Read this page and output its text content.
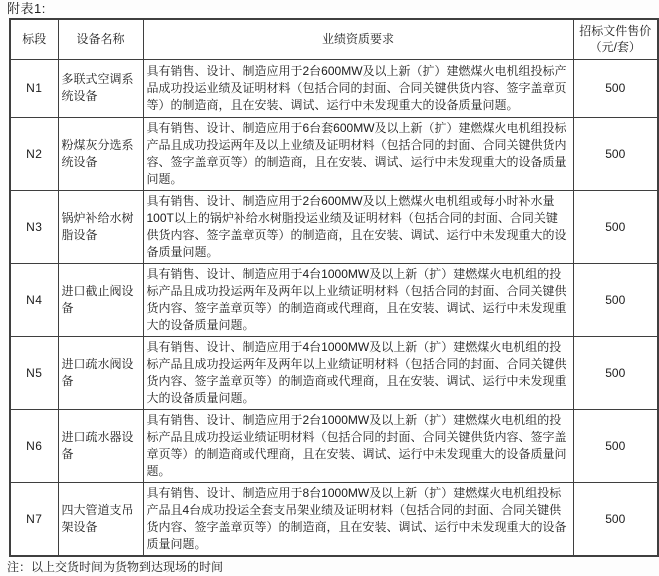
附表1:
标段	设备名称	业绩资质要求	招标文件售价
（元/套）

N1	多联式空调系统设备	具有销售、设计、制造应用于2台600MW及以上新（扩）建燃煤火电机组投标产品成功投运业绩及证明材料（包括合同的封面、合同关键供货内容、签字盖章页等）的制造商，且在安装、调试、运行中未发现重大的设备质量问题。	500
N2	粉煤灰分选系统设备	具有销售、设计、制造应用于6台套600MW及以上新（扩）建燃煤火电机组投标产品且成功投运两年及以上业绩及证明材料（包括合同的封面、合同关键供货内容、签字盖章页等）的制造商，且在安装、调试、运行中未发现重大的设备质量问题。	500
N3	锅炉补给水树脂设备	具有销售、设计、制造应用于2台600MW及以上燃煤火电机组或每小时补水量100T以上的锅炉补给水树脂投运业绩及证明材料（包括合同的封面、合同关键供货内容、签字盖章页等）的制造商，且在安装、调试、运行中未发现重大的设备质量问题。	500
N4	进口截止阀设备	具有销售、设计、制造应用于4台1000MW及以上新（扩）建燃煤火电机组的投标产品且成功投运两年及两年以上业绩证明材料（包括合同的封面、合同关键供货内容、签字盖章页等）的制造商或代理商，且在安装、调试、运行中未发现重大的设备质量问题。	500
N5	进口疏水阀设备	具有销售、设计、制造应用于4台1000MW及以上新（扩）建燃煤火电机组的投标产品且成功投运两年及两年以上业绩证明材料（包括合同的封面、合同关键供货内容、签字盖章页等）的制造商或代理商，且在安装、调试、运行中未发现重大的设备质量问题。	500
N6	进口疏水器设备	具有销售、设计、制造应用于2台1000MW及以上新（扩）建燃煤火电机组的投标产品且成功投运业绩证明材料（包括合同的封面、合同关键供货内容、签字盖章页等）的制造商或代理商，且在安装、调试、运行中未发现重大的设备质量问题。	500
N7	四大管道支吊架设备	具有销售、设计、制造应用于8台1000MW及以上新（扩）建燃煤火电机组投标产品且4台成功投运全套支吊架业绩及证明材料（包括合同的封面、合同关键供货内容、签字盖章页等）的制造商，且在安装、调试、运行中未发现重大的设备质量问题。	500
注：以上交货时间为货物到达现场的时间
